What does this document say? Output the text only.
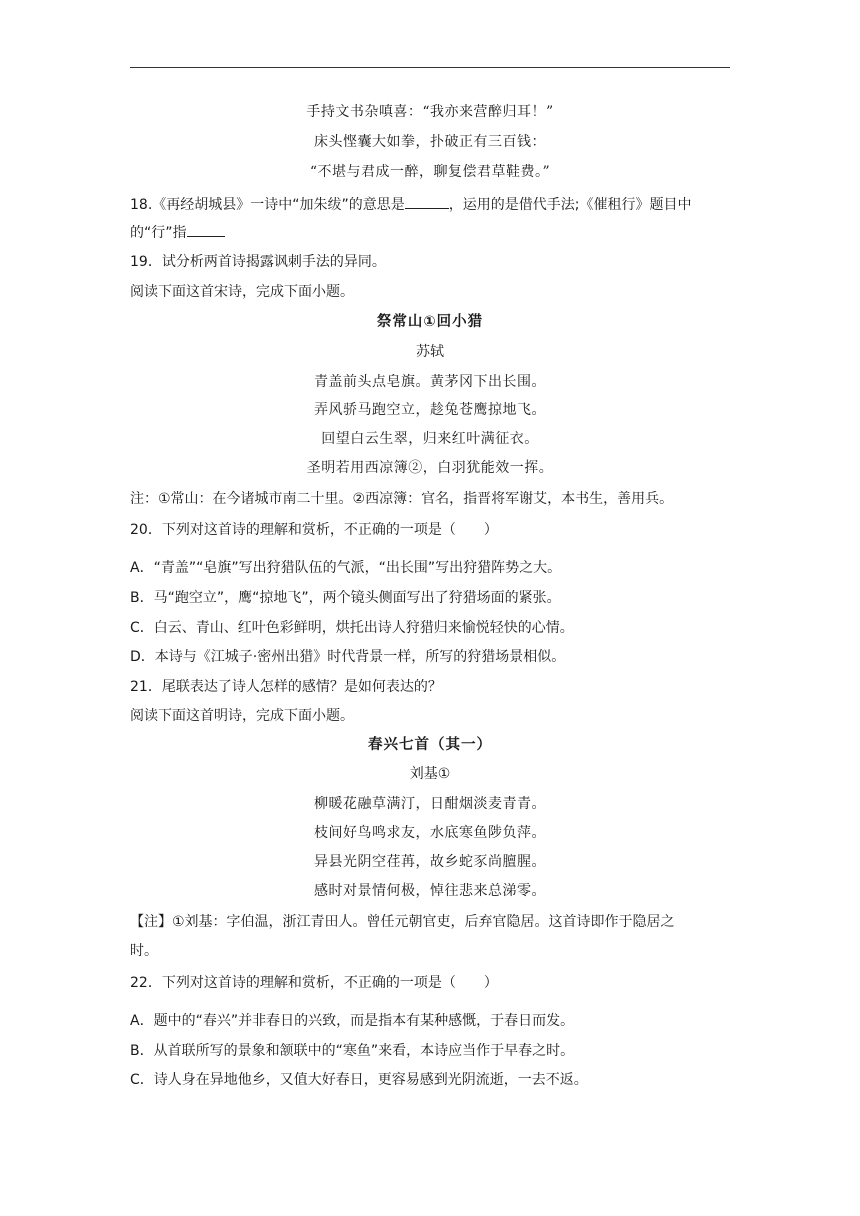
手持文书杂嗔喜：“我亦来营醉归耳！”
床头悭囊大如拳，扑破正有三百钱：
“不堪与君成一醉，聊复偿君草鞋费。”
18.《再经胡城县》一诗中“加朱绂”的意思是	，运用的是借代手法;《催租行》题目中
的“行”指
19．试分析两首诗揭露讽刺手法的异同。
阅读下面这首宋诗，完成下面小题。
祭常山①回小猎
苏轼
青盖前头点皂旗。黄茅冈下出长围。
弄风骄马跑空立，趁兔苍鹰掠地飞。
回望白云生翠，归来红叶满征衣。
圣明若用西凉簿②，白羽犹能效一挥。
注：①常山：在今诸城市南二十里。②西凉簿：官名，指晋将军谢艾，本书生，善用兵。
20．下列对这首诗的理解和赏析，不正确的一项是（　　）
A．“青盖”“皂旗”写出狩猎队伍的气派，“出长围”写出狩猎阵势之大。
B．马“跑空立”，鹰“掠地飞”，两个镜头侧面写出了狩猎场面的紧张。
C．白云、青山、红叶色彩鲜明，烘托出诗人狩猎归来愉悦轻快的心情。
D．本诗与《江城子·密州出猎》时代背景一样，所写的狩猎场景相似。
21．尾联表达了诗人怎样的感情？是如何表达的？
阅读下面这首明诗，完成下面小题。
春兴七首（其一）
刘基①
柳暖花融草满汀，日酣烟淡麦青青。
枝间好鸟鸣求友，水底寒鱼陟负萍。
异县光阴空荏苒，故乡蛇豕尚膻腥。
感时对景情何极，悼往悲来总涕零。
【注】①刘基：字伯温，浙江青田人。曾任元朝官吏，后弃官隐居。这首诗即作于隐居之
时。
22．下列对这首诗的理解和赏析，不正确的一项是（　　）
A．题中的“春兴”并非春日的兴致，而是指本有某种感慨，于春日而发。
B．从首联所写的景象和颔联中的“寒鱼”来看，本诗应当作于早春之时。
C．诗人身在异地他乡，又值大好春日，更容易感到光阴流逝，一去不返。
